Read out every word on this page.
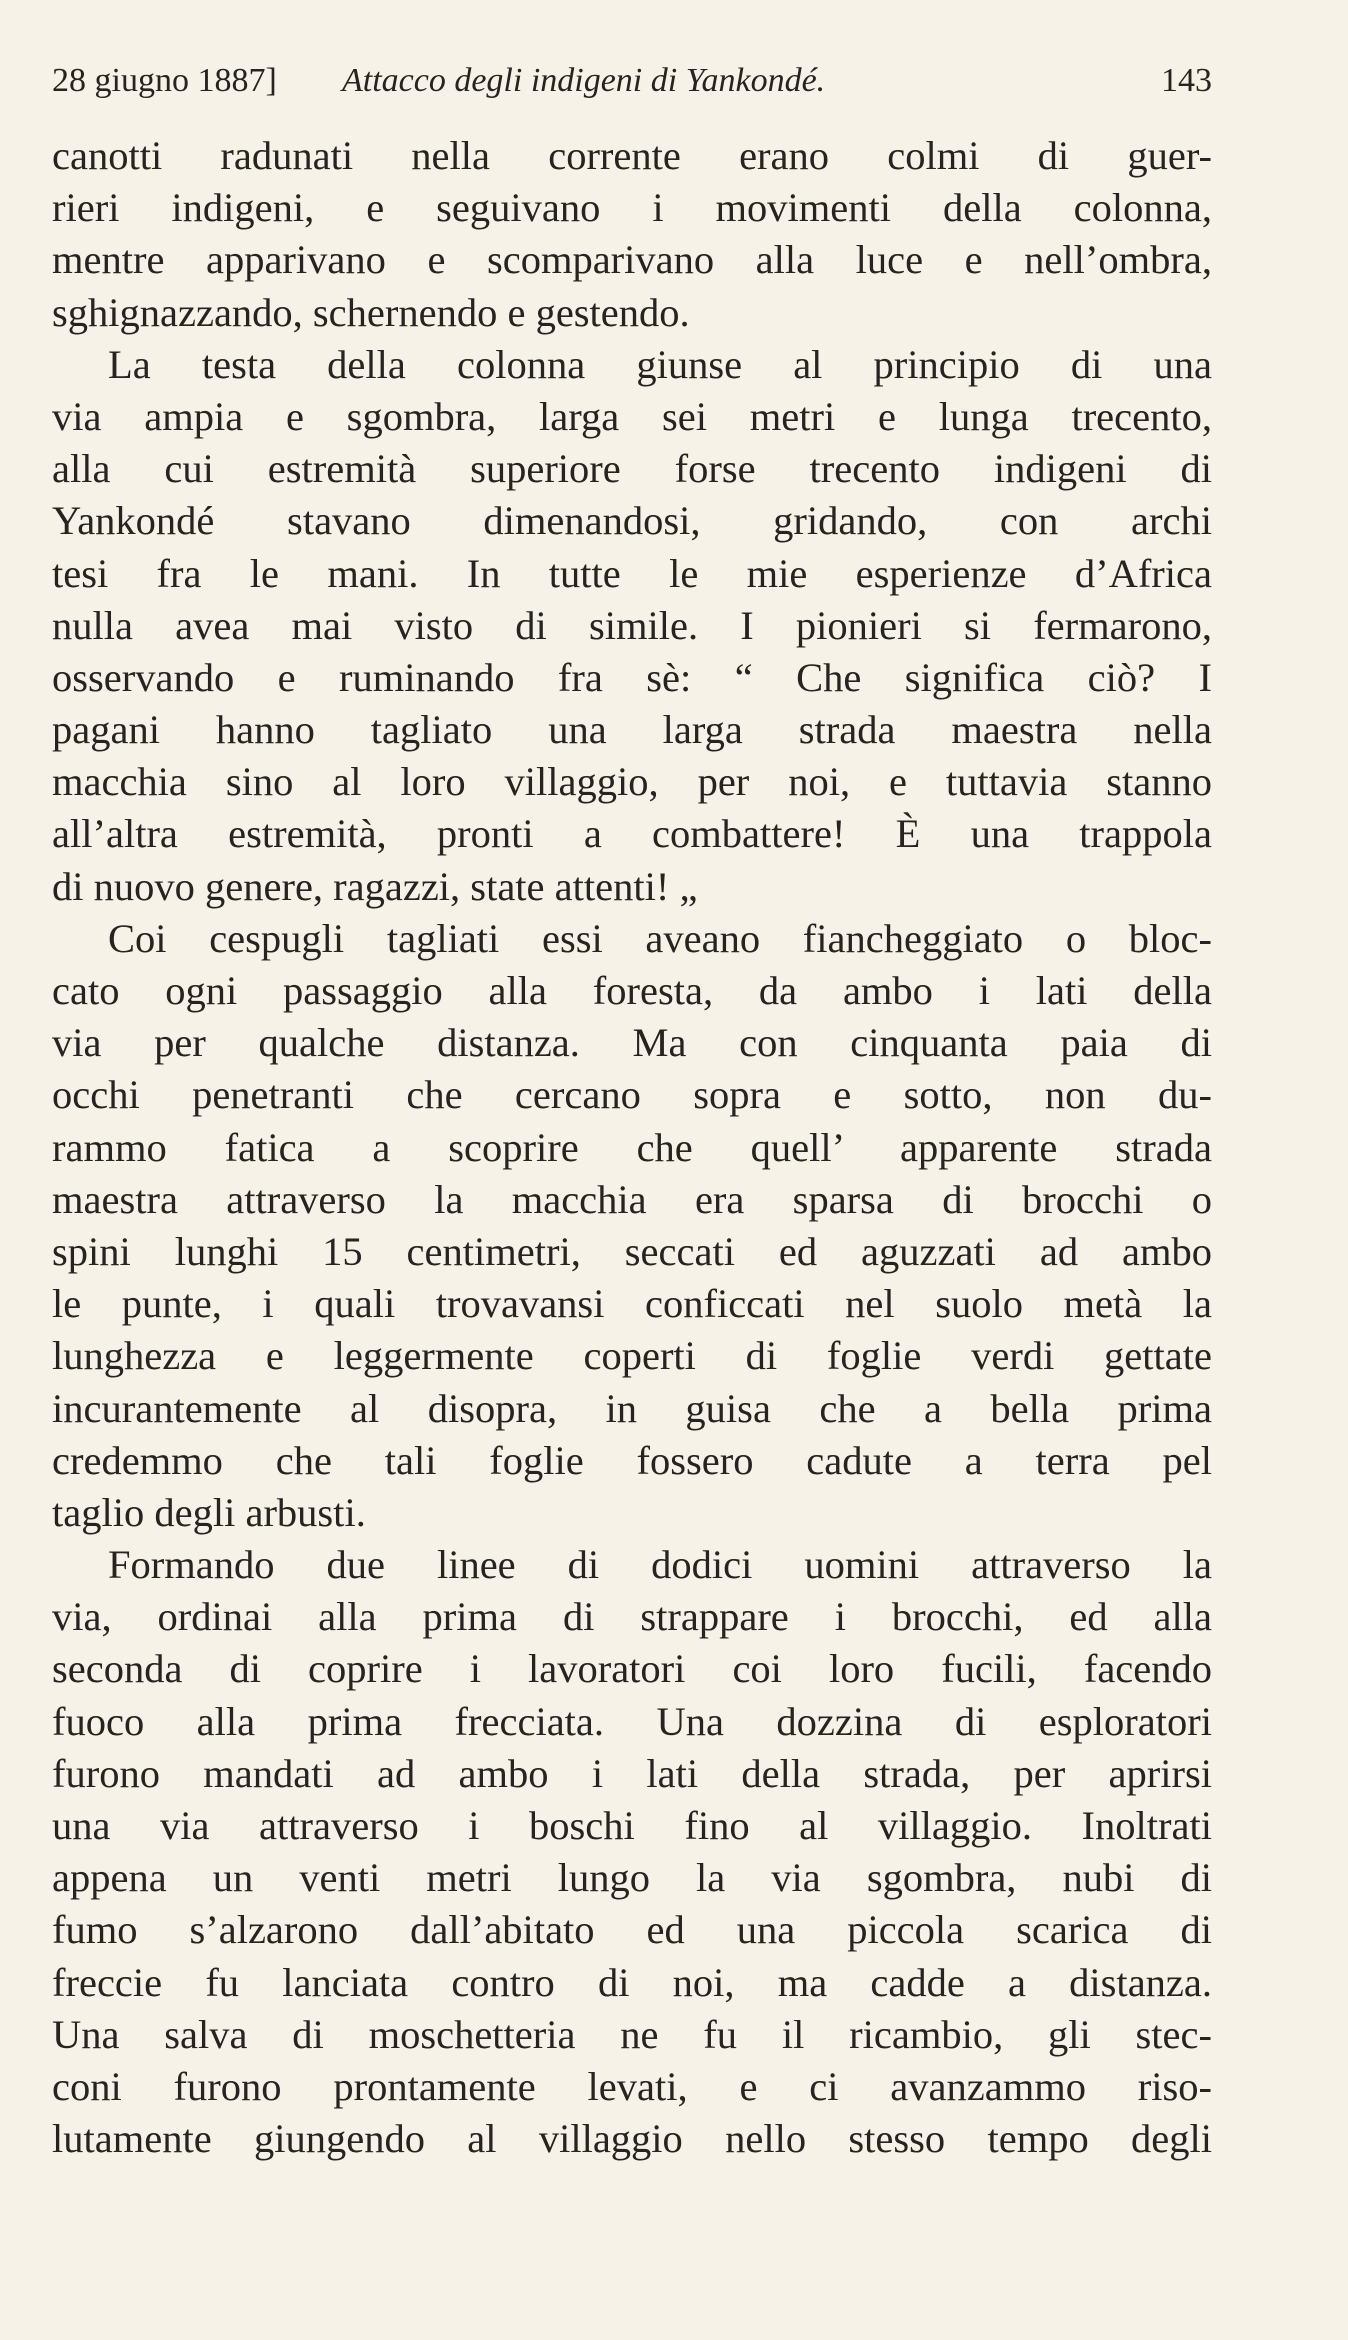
28 giugno 1887] Attacco degli indigeni di Yankondé.	143
canotti radunati nella corrente erano colmi di guer-
rieri indigeni, e seguivano i movimenti della colonna,
mentre apparivano e scomparivano alla luce e nell’ombra,
sghignazzando, schernendo e gestendo.
La testa della colonna giunse al principio di una
via ampia e sgombra, larga sei metri e lunga trecento,
alla cui estremità superiore forse trecento indigeni di
Yankondé stavano dimenandosi, gridando, con archi
tesi fra le mani. In tutte le mie esperienze d’Africa
nulla avea mai visto di simile. I pionieri si fermarono,
osservando e ruminando fra sè: “ Che significa ciò? I
pagani hanno tagliato una larga strada maestra nella
macchia sino al loro villaggio, per noi, e tuttavia stanno
all’altra estremità, pronti a combattere! È una trappola
di nuovo genere, ragazzi, state attenti! „
Coi cespugli tagliati essi aveano fiancheggiato o bloc-
cato ogni passaggio alla foresta, da ambo i lati della
via per qualche distanza. Ma con cinquanta paia di
occhi penetranti che cercano sopra e sotto, non du-
rammo fatica a scoprire che quell’ apparente strada
maestra attraverso la macchia era sparsa di brocchi o
spini lunghi 15 centimetri, seccati ed aguzzati ad ambo
le punte, i quali trovavansi conficcati nel suolo metà la
lunghezza e leggermente coperti di foglie verdi gettate
incurantemente al disopra, in guisa che a bella prima
credemmo che tali foglie fossero cadute a terra pel
taglio degli arbusti.
Formando due linee di dodici uomini attraverso la
via, ordinai alla prima di strappare i brocchi, ed alla
seconda di coprire i lavoratori coi loro fucili, facendo
fuoco alla prima frecciata. Una dozzina di esploratori
furono mandati ad ambo i lati della strada, per aprirsi
una via attraverso i boschi fino al villaggio. Inoltrati
appena un venti metri lungo la via sgombra, nubi di
fumo s’alzarono dall’abitato ed una piccola scarica di
freccie fu lanciata contro di noi, ma cadde a distanza.
Una salva di moschetteria ne fu il ricambio, gli stec-
coni furono prontamente levati, e ci avanzammo riso-
lutamente giungendo al villaggio nello stesso tempo degli
